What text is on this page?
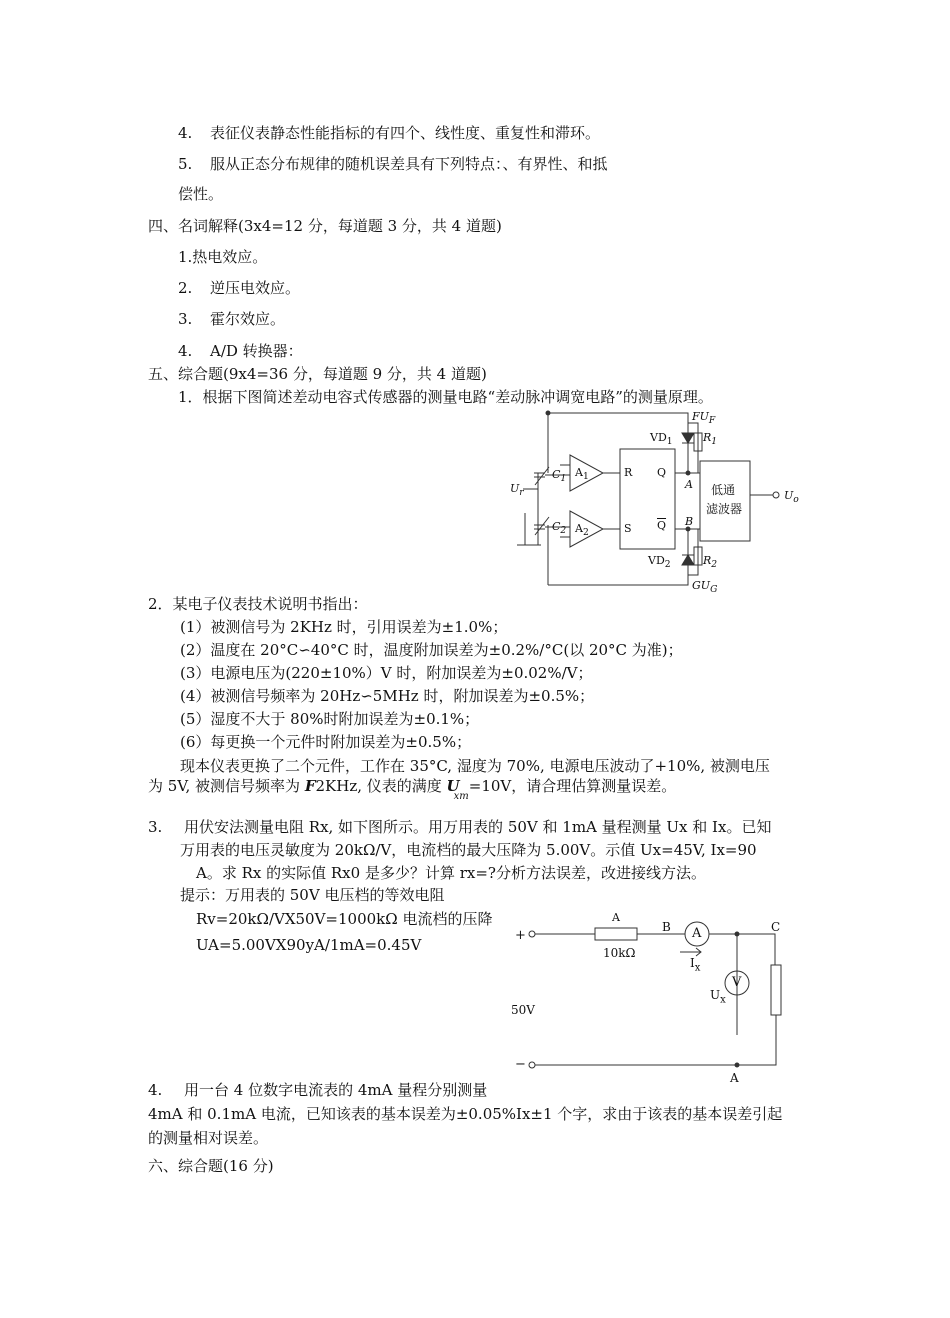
4. 表征仪表静态性能指标的有四个、线性度、重复性和滞环。
5. 服从正态分布规律的随机误差具有下列特点：、有界性、和抵
偿性。
四、名词解释(3x4=12 分，每道题 3 分，共 4 道题)
1.热电效应。
2. 逆压电效应。
3. 霍尔效应。
4. A/D 转换器：
五、综合题(9x4=36 分，每道题 9 分，共 4 道题)
1．根据下图简述差动电容式传感器的测量电路“差动脉冲调宽电路”的测量原理。
$FU_F$
$VD_1$	$R_1$
$U_r$
$C_1$
$C_2$
$A_1$
$A_2$
R
S
Q
$\overline{Q}$
A
B
低通
滤波器
$U_o$
$VD_2$	$R_2$
$GU_G$
2．某电子仪表技术说明书指出：
(1）被测信号为 2KHz 时，引用误差为±1.0%；
(2）温度在 20°C∽40°C 时，温度附加误差为±0.2%/°C(以 20°C 为准)；
(3）电源电压为(220±10%）V 时，附加误差为±0.02%/V；
(4）被测信号频率为 20Hz∽5MHz 时，附加误差为±0.5%；
(5）湿度不大于 80%时附加误差为±0.1%；
(6）每更换一个元件时附加误差为±0.5%；
现本仪表更换了二个元件，工作在 35°C, 湿度为 70%, 电源电压波动了+10%, 被测电压
为 5V, 被测信号频率为 F2KHz, 仪表的满度 $U_{xm}=10V$，请合理估算测量误差。
3. 用伏安法测量电阻 Rx, 如下图所示。用万用表的 50V 和 1mA 量程测量 Ux 和 Ix。已知
万用表的电压灵敏度为 20kΩ/V，电流档的最大压降为 5.00V。示值 Ux=45V, Ix=90
A。求 Rx 的实际值 Rx0 是多少？计算 rx=?分析方法误差，改进接线方法。
提示：万用表的 50V 电压档的等效电阻
Rv=20kΩ/VX50V=1000kΩ 电流档的压降
UA=5.00VX90yA/1mA=0.45V
+
−
50V
A
10kΩ
B	C
A
V
$I_x$
$U_x$
A
4. 用一台 4 位数字电流表的 4mA 量程分别测量
4mA 和 0.1mA 电流，已知该表的基本误差为±0.05%Ix±1 个字，求由于该表的基本误差引起
的测量相对误差。
六、综合题(16 分)
